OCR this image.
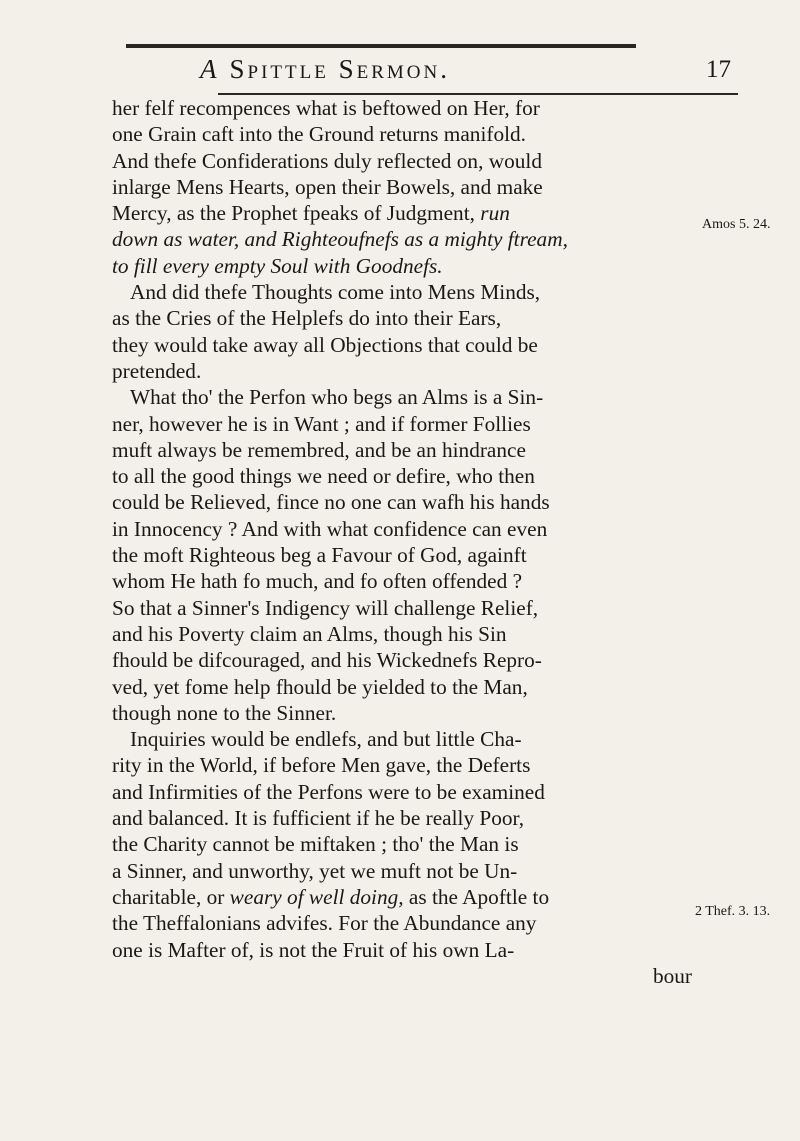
A Spittle Sermon.	17
her felf recompences what is beftowed on Her, for
one Grain caft into the Ground returns manifold.
And thefe Confiderations duly reflected on, would
inlarge Mens Hearts, open their Bowels, and make
Mercy, as the Prophet fpeaks of Judgment, run
down as water, and Righteoufnefs as a mighty ftream,
to fill every empty Soul with Goodnefs.
And did thefe Thoughts come into Mens Minds,
as the Cries of the Helplefs do into their Ears,
they would take away all Objections that could be
pretended.
What tho' the Perfon who begs an Alms is a Sin-
ner, however he is in Want ; and if former Follies
muft always be remembred, and be an hindrance
to all the good things we need or defire, who then
could be Relieved, fince no one can wafh his hands
in Innocency ? And with what confidence can even
the moft Righteous beg a Favour of God, againft
whom He hath fo much, and fo often offended ?
So that a Sinner's Indigency will challenge Relief,
and his Poverty claim an Alms, though his Sin
fhould be difcouraged, and his Wickednefs Repro-
ved, yet fome help fhould be yielded to the Man,
though none to the Sinner.
Inquiries would be endlefs, and but little Cha-
rity in the World, if before Men gave, the Deferts
and Infirmities of the Perfons were to be examined
and balanced. It is fufficient if he be really Poor,
the Charity cannot be miftaken ; tho' the Man is
a Sinner, and unworthy, yet we muft not be Un-
charitable, or weary of well doing, as the Apoftle to
the Theffalonians advifes. For the Abundance any
one is Mafter of, is not the Fruit of his own La-
bour
Amos 5. 24.
2 Thef. 3. 13.
